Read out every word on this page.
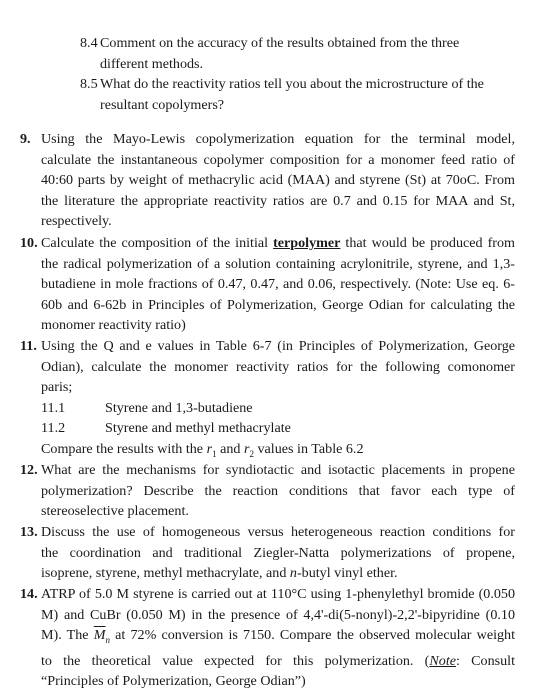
8.4 Comment on the accuracy of the results obtained from the three
different methods.
8.5 What do the reactivity ratios tell you about the microstructure of the
resultant copolymers?
9. Using the Mayo-Lewis copolymerization equation for the terminal model,
calculate the instantaneous copolymer composition for a monomer feed ratio of
40:60 parts by weight of methacrylic acid (MAA) and styrene (St) at 70oC. From
the literature the appropriate reactivity ratios are 0.7 and 0.15 for MAA and St,
respectively.
10. Calculate the composition of the initial terpolymer that would be produced from
the radical polymerization of a solution containing acrylonitrile, styrene, and 1,3-
butadiene in mole fractions of 0.47, 0.47, and 0.06, respectively. (Note: Use eq. 6-
60b and 6-62b in Principles of Polymerization, George Odian for calculating the
monomer reactivity ratio)
11. Using the Q and e values in Table 6-7 (in Principles of Polymerization, George
Odian), calculate the monomer reactivity ratios for the following comonomer
paris;
11.1	Styrene and 1,3-butadiene
11.2	Styrene and methyl methacrylate
Compare the results with the $r_1$ and $r_2$ values in Table 6.2
12. What are the mechanisms for syndiotactic and isotactic placements in propene
polymerization? Describe the reaction conditions that favor each type of
stereoselective placement.
13. Discuss the use of homogeneous versus heterogeneous reaction conditions for
the coordination and traditional Ziegler-Natta polymerizations of propene,
isoprene, styrene, methyl methacrylate, and n-butyl vinyl ether.
14. ATRP of 5.0 M styrene is carried out at 110°C using 1-phenylethyl bromide (0.050
M) and CuBr (0.050 M) in the presence of 4,4'-di(5-nonyl)-2,2'-bipyridine (0.10
M). The $\overline{M}_n$ at 72% conversion is 7150. Compare the observed molecular weight
to the theoretical value expected for this polymerization. (Note: Consult
“Principles of Polymerization, George Odian”)
